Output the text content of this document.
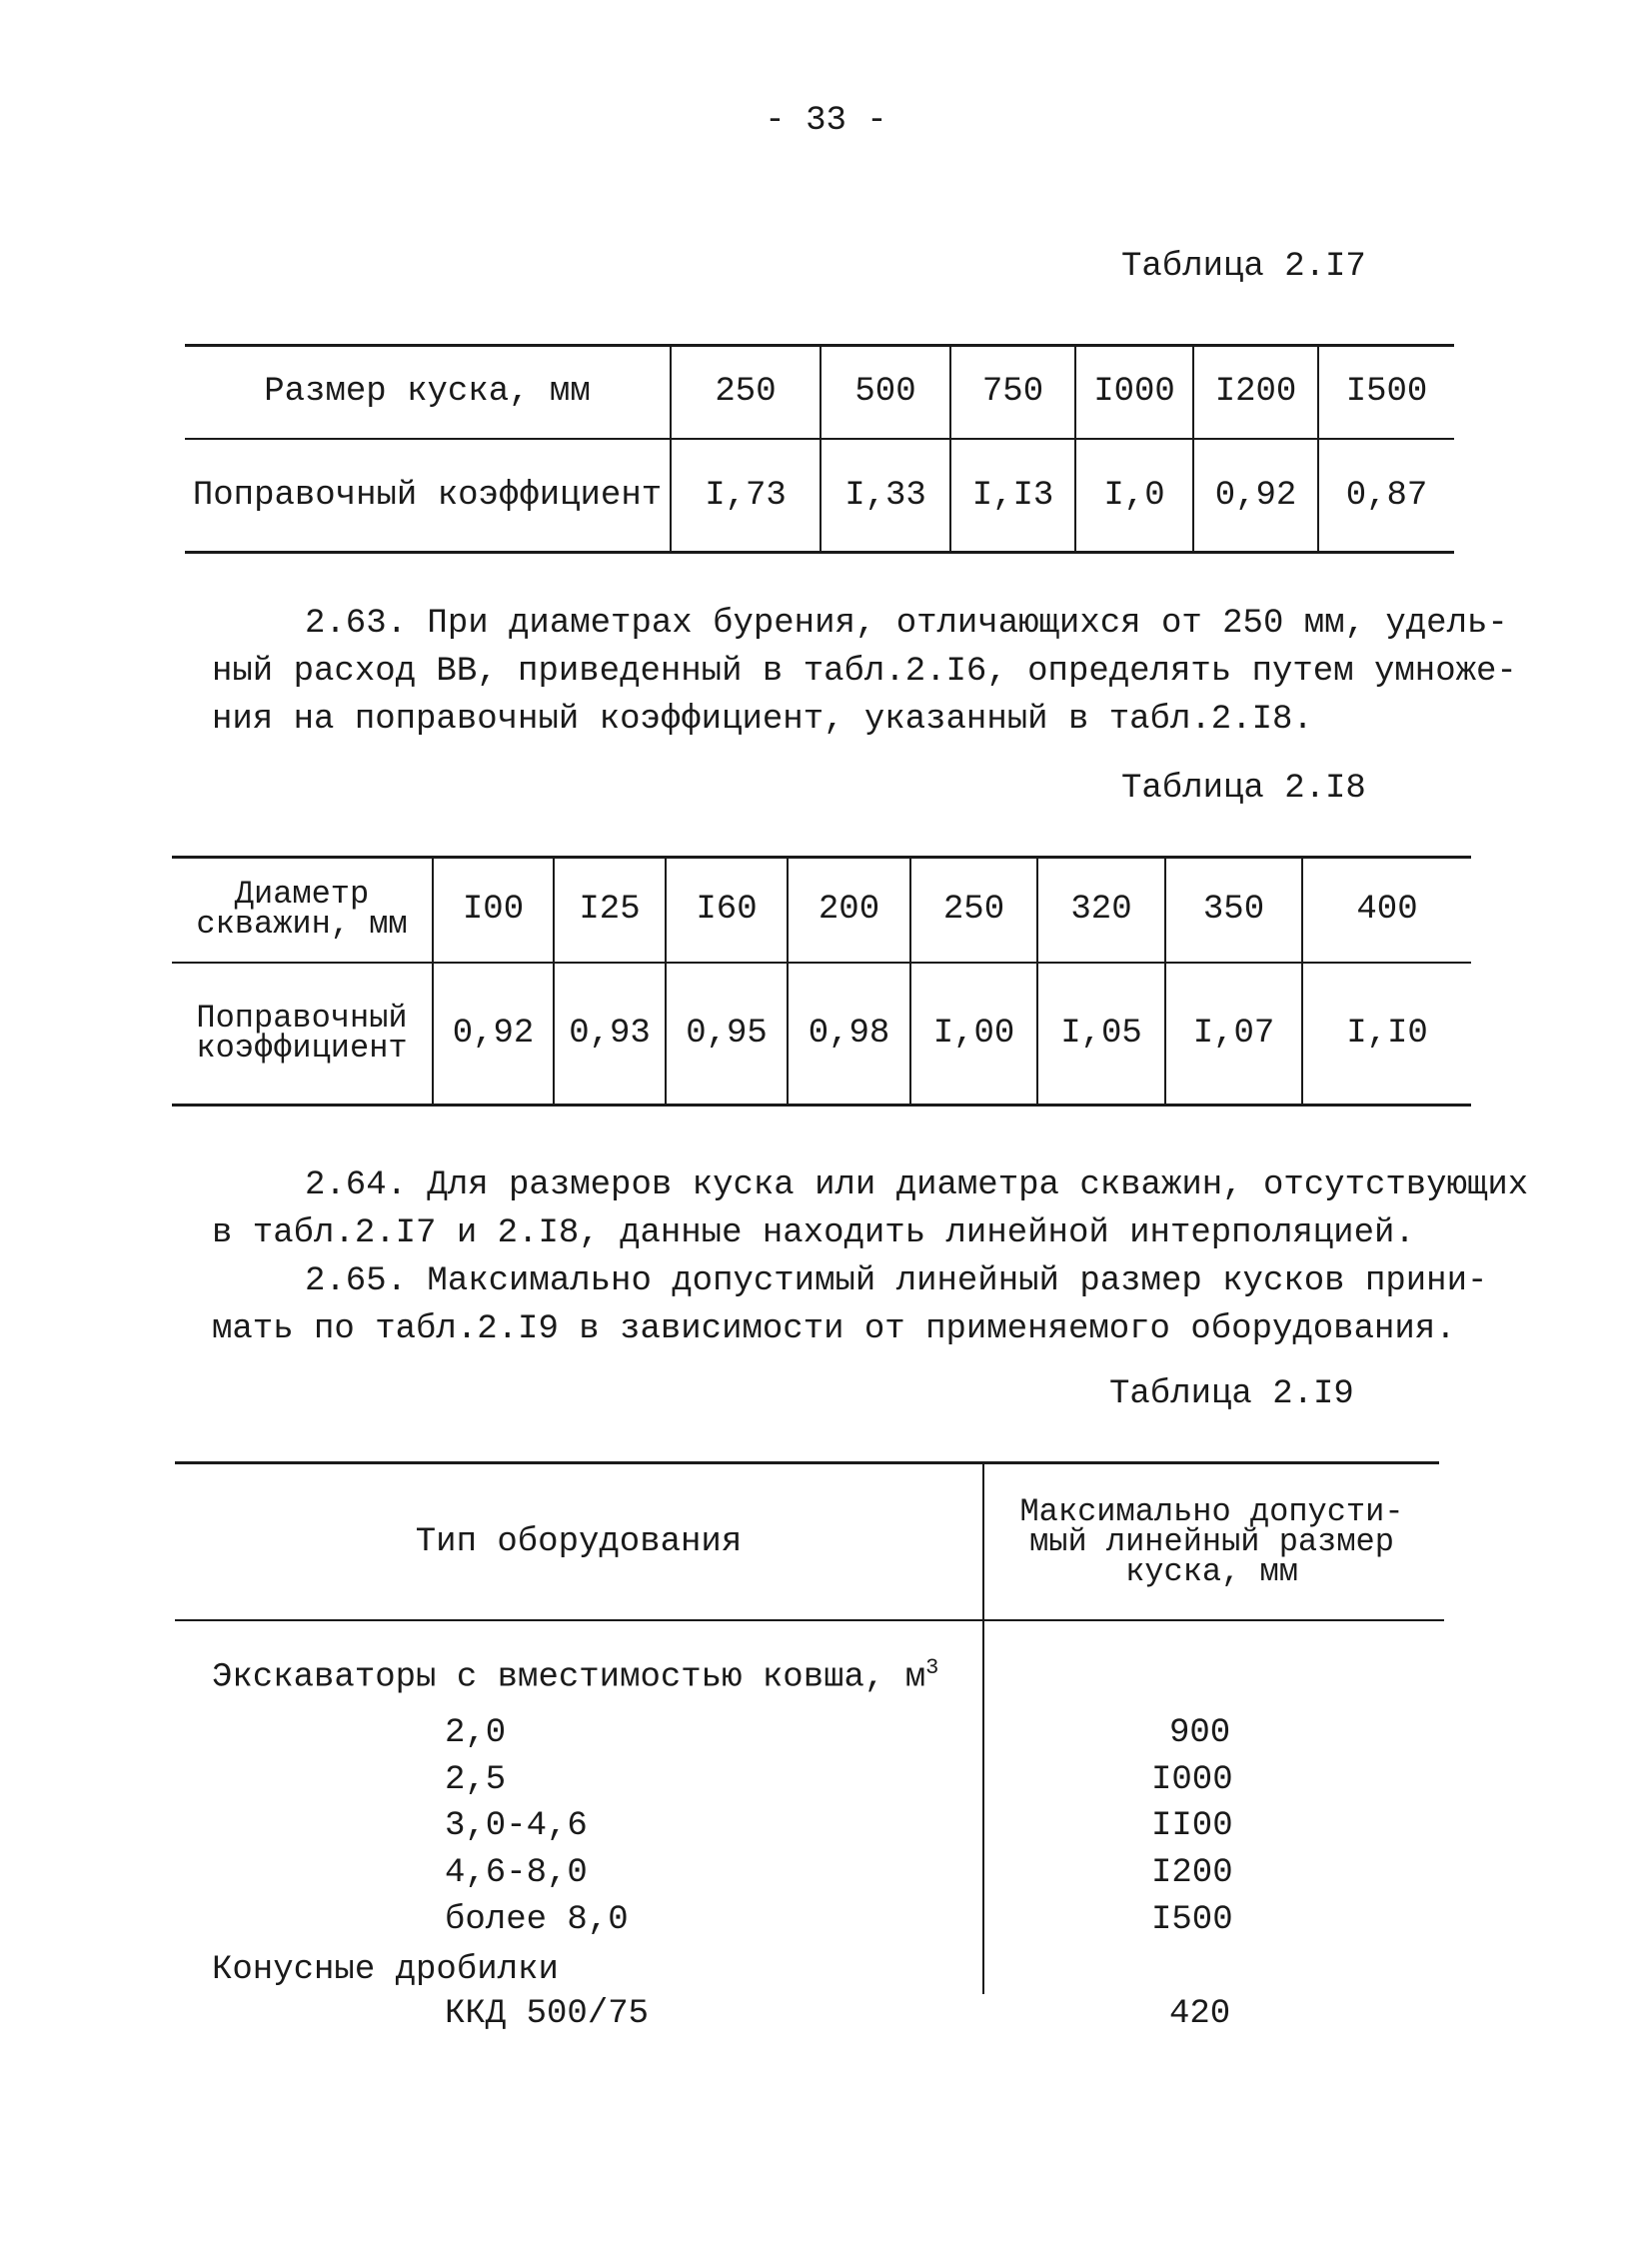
- 33 -
Таблица 2.I7
Размер куска, мм	250	500	750	I000	I200	I500
Поправочный коэффициент	I,73	I,33	I,I3	I,0	0,92	0,87
2.63. При диаметрах бурения, отличающихся от 250 мм, удель-
ный расход ВВ, приведенный в табл.2.I6, определять путем умноже-
ния на поправочный коэффициент, указанный в табл.2.I8.
Таблица 2.I8
Диаметр
скважин, мм	I00	I25	I60	200	250	320	350	400
Поправочный
коэффициент	0,92	0,93	0,95	0,98	I,00	I,05	I,07	I,I0
2.64. Для размеров куска или диаметра скважин, отсутствующих
в табл.2.I7 и 2.I8, данные находить линейной интерполяцией.
2.65. Максимально допустимый линейный размер кусков прини-
мать по табл.2.I9 в зависимости от применяемого оборудования.
Таблица 2.I9
Тип оборудования
Максимально допусти-
мый линейный размер
куска, мм
Экскаваторы с вместимостью ковша, $м^3$
2,0	900
2,5	I000
3,0-4,6	II00
4,6-8,0	I200
более 8,0	I500
Конусные дробилки
ККД 500/75	420
